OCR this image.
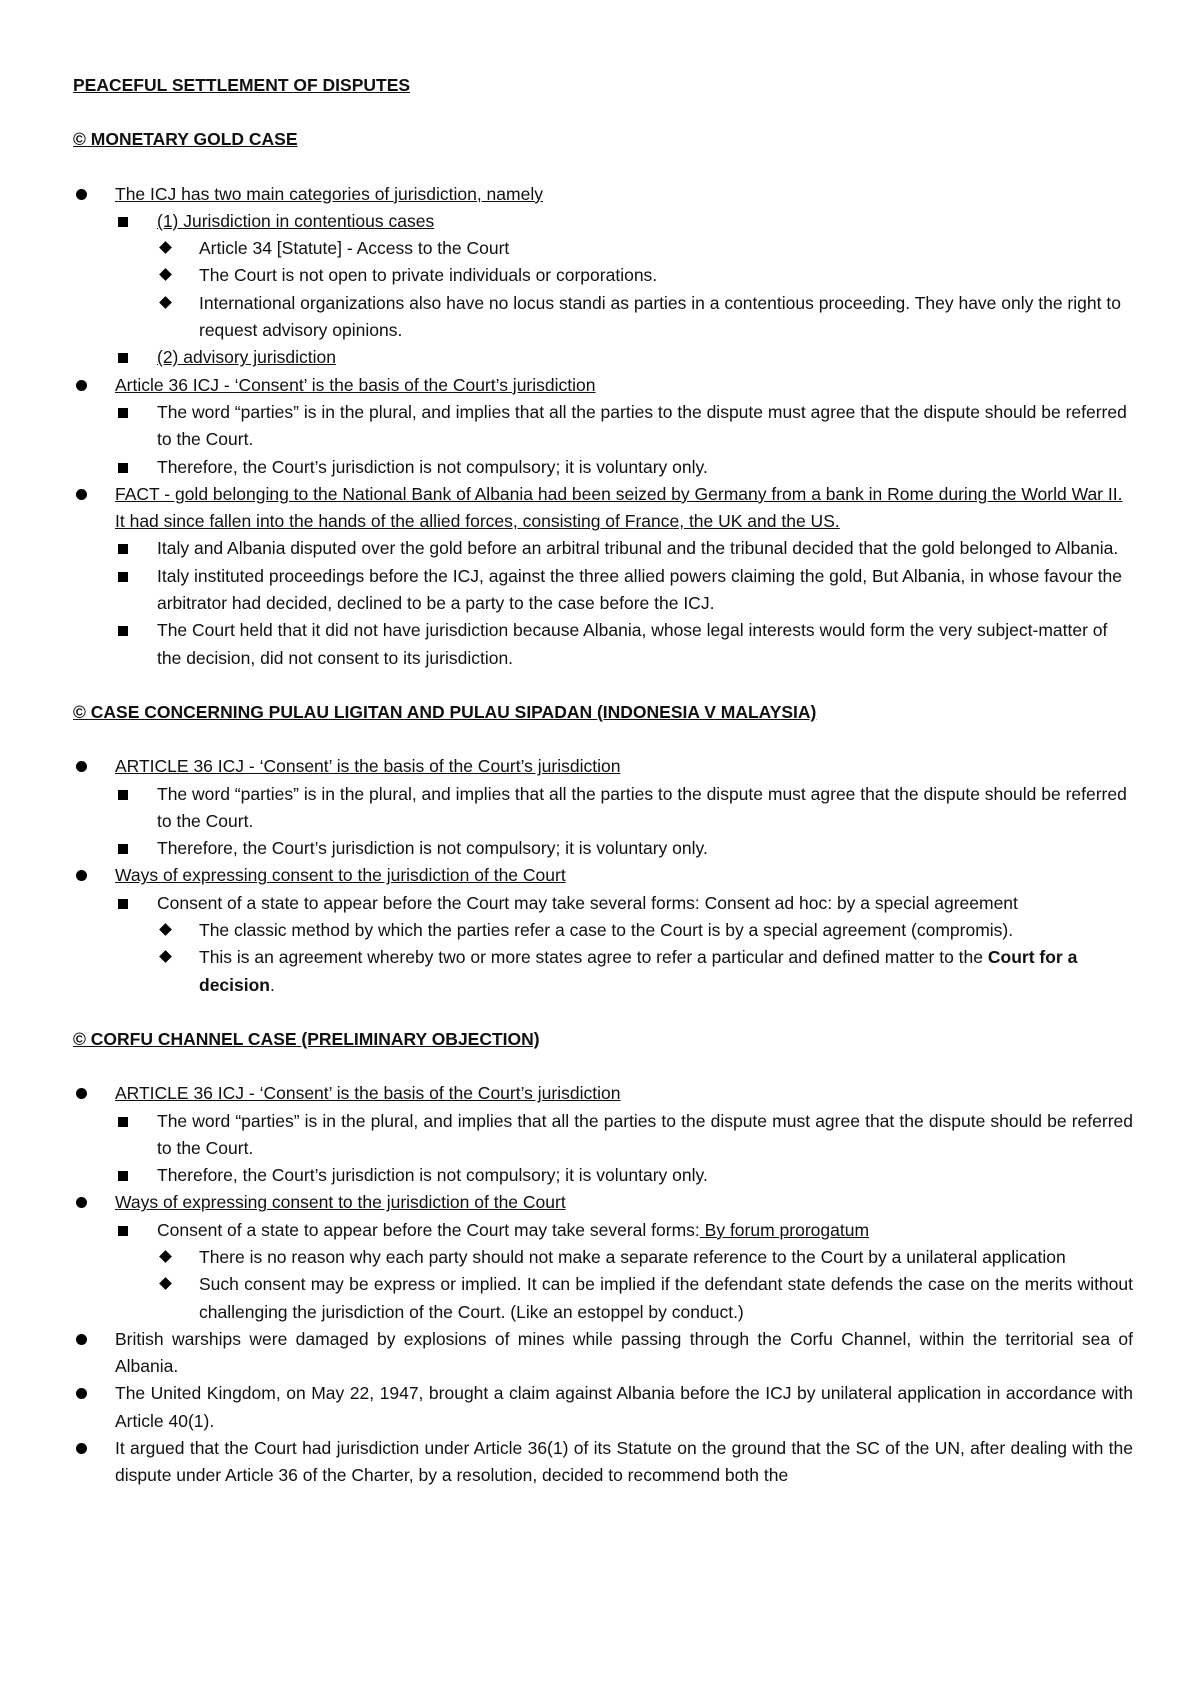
PEACEFUL SETTLEMENT OF DISPUTES

© MONETARY GOLD CASE

The ICJ has two main categories of jurisdiction, namely
(1) Jurisdiction in contentious cases
Article 34 [Statute] - Access to the Court
The Court is not open to private individuals or corporations.
International organizations also have no locus standi as parties in a contentious proceeding. They have only the right to request advisory opinions.
(2) advisory jurisdiction
Article 36 ICJ - ‘Consent’ is the basis of the Court’s jurisdiction
The word “parties” is in the plural, and implies that all the parties to the dispute must agree that the dispute should be referred to the Court.
Therefore, the Court’s jurisdiction is not compulsory; it is voluntary only.
FACT - gold belonging to the National Bank of Albania had been seized by Germany from a bank in Rome during the World War II. It had since fallen into the hands of the allied forces, consisting of France, the UK and the US.
Italy and Albania disputed over the gold before an arbitral tribunal and the tribunal decided that the gold belonged to Albania.
Italy instituted proceedings before the ICJ, against the three allied powers claiming the gold, But Albania, in whose favour the arbitrator had decided, declined to be a party to the case before the ICJ.
The Court held that it did not have jurisdiction because Albania, whose legal interests would form the very subject-matter of the decision, did not consent to its jurisdiction.

© CASE CONCERNING PULAU LIGITAN AND PULAU SIPADAN (INDONESIA V MALAYSIA)

ARTICLE 36 ICJ - ‘Consent’ is the basis of the Court’s jurisdiction
The word “parties” is in the plural, and implies that all the parties to the dispute must agree that the dispute should be referred to the Court.
Therefore, the Court’s jurisdiction is not compulsory; it is voluntary only.
Ways of expressing consent to the jurisdiction of the Court
Consent of a state to appear before the Court may take several forms: Consent ad hoc: by a special agreement
The classic method by which the parties refer a case to the Court is by a special agreement (compromis).
This is an agreement whereby two or more states agree to refer a particular and defined matter to the Court for a decision.

© CORFU CHANNEL CASE (PRELIMINARY OBJECTION)

ARTICLE 36 ICJ - ‘Consent’ is the basis of the Court’s jurisdiction
The word “parties” is in the plural, and implies that all the parties to the dispute must agree that the dispute should be referred to the Court.
Therefore, the Court’s jurisdiction is not compulsory; it is voluntary only.
Ways of expressing consent to the jurisdiction of the Court
Consent of a state to appear before the Court may take several forms: By forum prorogatum
There is no reason why each party should not make a separate reference to the Court by a unilateral application
Such consent may be express or implied. It can be implied if the defendant state defends the case on the merits without challenging the jurisdiction of the Court. (Like an estoppel by conduct.)
British warships were damaged by explosions of mines while passing through the Corfu Channel, within the territorial sea of Albania.
The United Kingdom, on May 22, 1947, brought a claim against Albania before the ICJ by unilateral application in accordance with Article 40(1).
It argued that the Court had jurisdiction under Article 36(1) of its Statute on the ground that the SC of the UN, after dealing with the dispute under Article 36 of the Charter, by a resolution, decided to recommend both the
